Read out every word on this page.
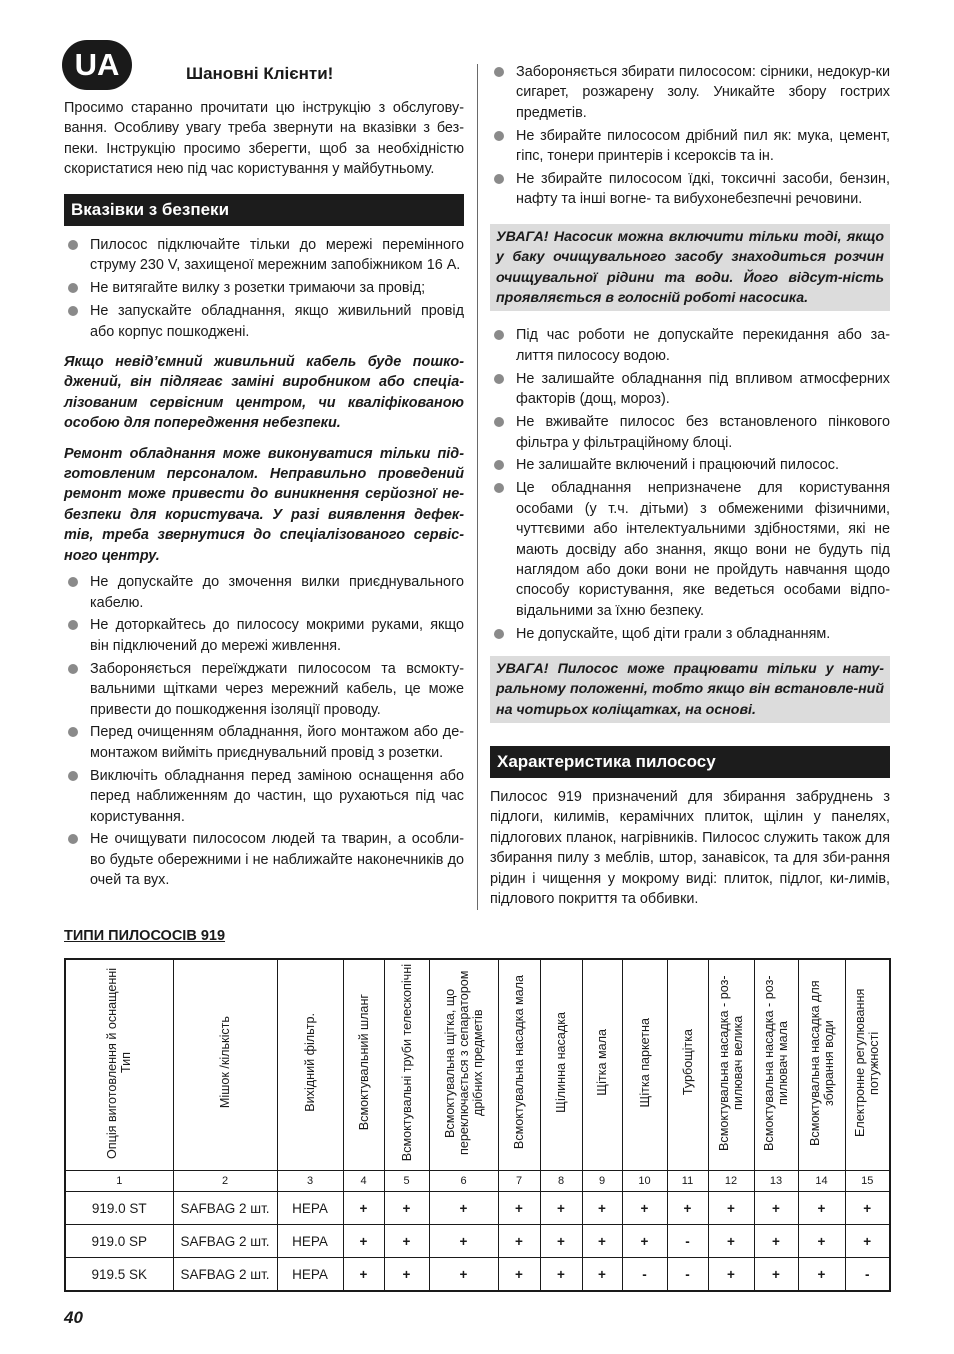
UA	Шановні Клієнти!
Просимо старанно прочитати цю інструкцію з обслугову-вання. Особливу увагу треба звернути на вказівки з без-пеки. Інструкцію просимо зберегти, щоб за необхідністю скористатися нею під час користування у майбутньому.
Вказівки з безпеки
Пилосос підключайте тільки до мережі перемінного струму 230 V, захищеної мережним запобіжником 16 A.
Не витягайте вилку з розетки тримаючи за провід;
Не запускайте обладнання, якщо живильний провід або корпус пошкоджені.
Якщо невід’ємний живильний кабель буде пошко-джений, він підлягає заміні виробником або спеціа-лізованим сервісним центром, чи кваліфікованою особою для попередження небезпеки.
Ремонт обладнання може виконуватися тільки під-готовленим персоналом. Неправильно проведений ремонт може привести до виникнення серйозної не-безпеки для користувача. У разі виявлення дефек-тів, треба звернутися до спеціалізованого сервіс-ного центру.
Не допускайте до змочення вилки приєднувального кабелю.
Не доторкайтесь до пилососу мокрими руками, якщо він підключений до мережі живлення.
Забороняється переїжджати пилососом та всмокту-вальними щітками через мережний кабель, це може привести до пошкодження ізоляції проводу.
Перед очищенням обладнання, його монтажом або де-монтажом вийміть приєднувальний провід з розетки.
Виключіть обладнання перед заміною оснащення або перед наближенням до частин, що рухаються під час користування.
Не очищувати пилососом людей та тварин, а особли-во будьте обережними і не наближайте наконечників до очей та вух.
Забороняється збирати пилососом: сірники, недокур-ки сигарет, розжарену золу. Уникайте збору гострих предметів.
Не збирайте пилососом дрібний пил як: мука, цемент, гіпс, тонери принтерів і ксероксів та ін.
Не збирайте пилососом їдкі, токсичні засоби, бензин, нафту та інші вогне- та вибухонебезпечні речовини.
УВАГА! Насосик можна включити тільки тоді, якщо у баку очищувального засобу знаходиться розчин очищувальної рідини та води. Його відсут-ність проявляється в голосній роботі насосика.
Під час роботи не допускайте перекидання або за-лиття пилососу водою.
Не залишайте обладнання під впливом атмосферних факторів (дощ, мороз).
Не вживайте пилосос без встановленого пінкового фільтра у фільтраційному блоці.
Не залишайте включений і працюючий пилосос.
Це обладнання непризначене для користування особами (у т.ч. дітьми) з обмеженими фізичними, чуттєвими або інтелектуальними здібностями, які не мають досвіду або знання, якщо вони не будуть під наглядом або доки вони не пройдуть навчання щодо способу користування, яке ведеться особами відпо-відальними за їхню безпеку.
Не допускайте, щоб діти грали з обладнанням.
УВАГА! Пилосос може працювати тільки у нату-ральному положенні, тобто якщо він встановле-ний на чотирьох коліщатках, на основі.
Характеристика пилососу
Пилосос 919 призначений для збирання забруднень з підлоги, килимів, керамічних плиток, щілин у панелях, підлогових планок, нагрівників. Пилосос служить також для збирання пилу з меблів, штор, занавісок, та для зби-рання рідин і чищення у мокрому виді: плиток, підлог, ки-лимів, підлового покриття та оббивки.
ТИПИ ПИЛОСОСІВ 919
Опція виготовлення й оснащенні Тип	Мішок /кількість	Вихідний фільтр.	Всмоктувальний шланг	Всмоктувальні труби телескопічні	Всмоктувальна щітка, що переключається з сепаратором дрібних предметів	Всмоктувальна насадка мала	Щілинна насадка	Щітка мала	Щітка паркетна	Турбощітка	Всмоктувальна насадка - роз-пилювач велика	Всмоктувальна насадка - роз-пилювач мала	Всмоктувальна насадка для збирання води	Електронне регулювання потужності
1	2	3	4	5	6	7	8	9	10	11	12	13	14	15
919.0 ST	SAFBAG 2 шт.	HEPA	+	+	+	+	+	+	+	+	+	+	+	+
919.0 SP	SAFBAG 2 шт.	HEPA	+	+	+	+	+	+	+	-	+	+	+	+
919.5 SK	SAFBAG 2 шт.	HEPA	+	+	+	+	+	+	-	-	+	+	+	-
40
